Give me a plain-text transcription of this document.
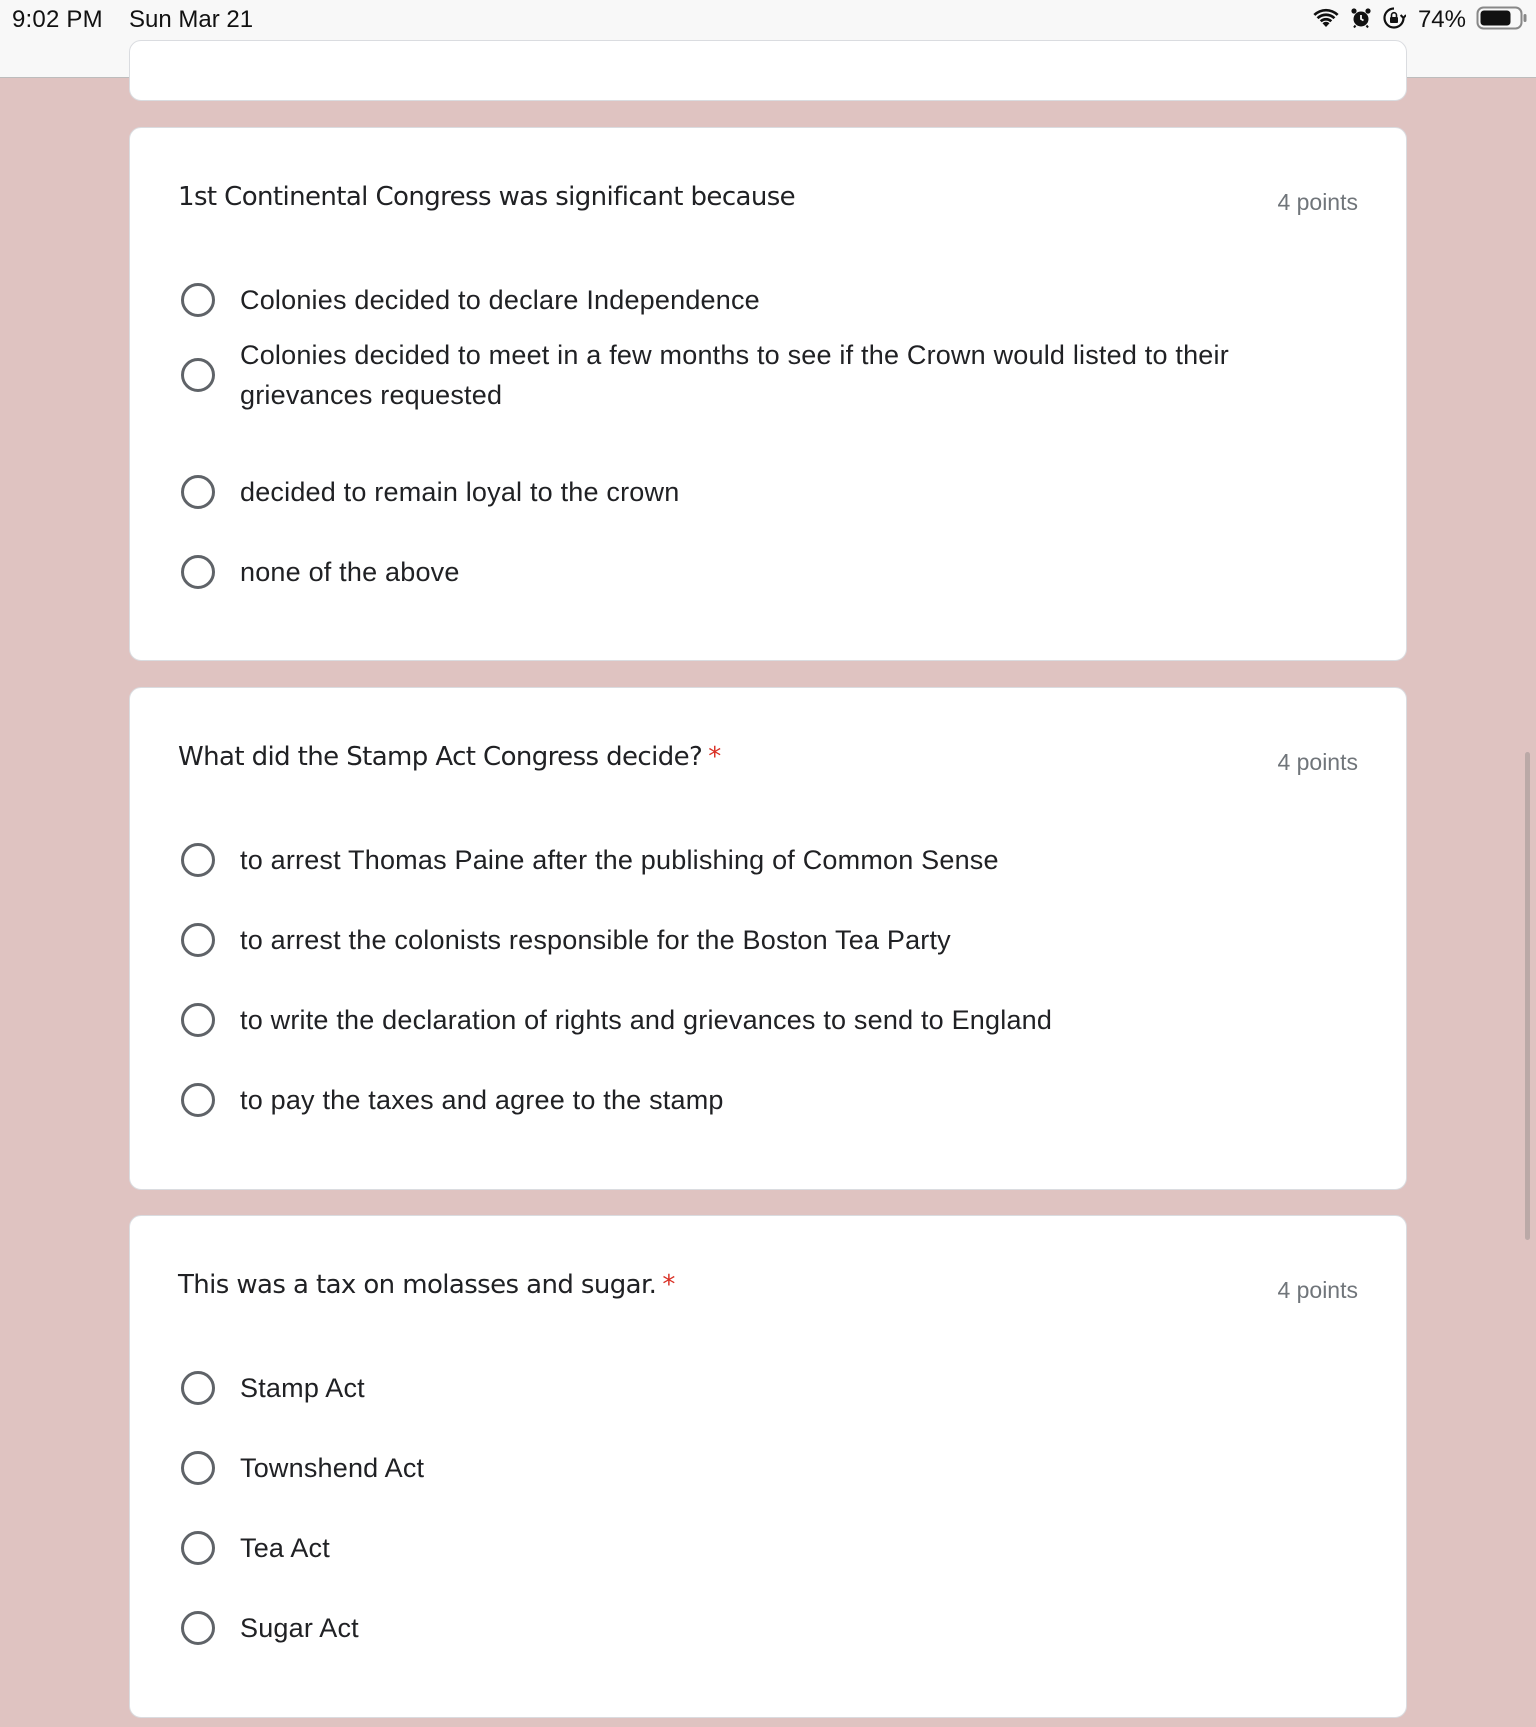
9:02 PM Sun Mar 21	74%
1st Continental Congress was significant because	4 points
Colonies decided to declare Independence
Colonies decided to meet in a few months to see if the Crown would listed to their grievances requested
decided to remain loyal to the crown
none of the above
What did the Stamp Act Congress decide? *	4 points
to arrest Thomas Paine after the publishing of Common Sense
to arrest the colonists responsible for the Boston Tea Party
to write the declaration of rights and grievances to send to England
to pay the taxes and agree to the stamp
This was a tax on molasses and sugar. *	4 points
Stamp Act
Townshend Act
Tea Act
Sugar Act
